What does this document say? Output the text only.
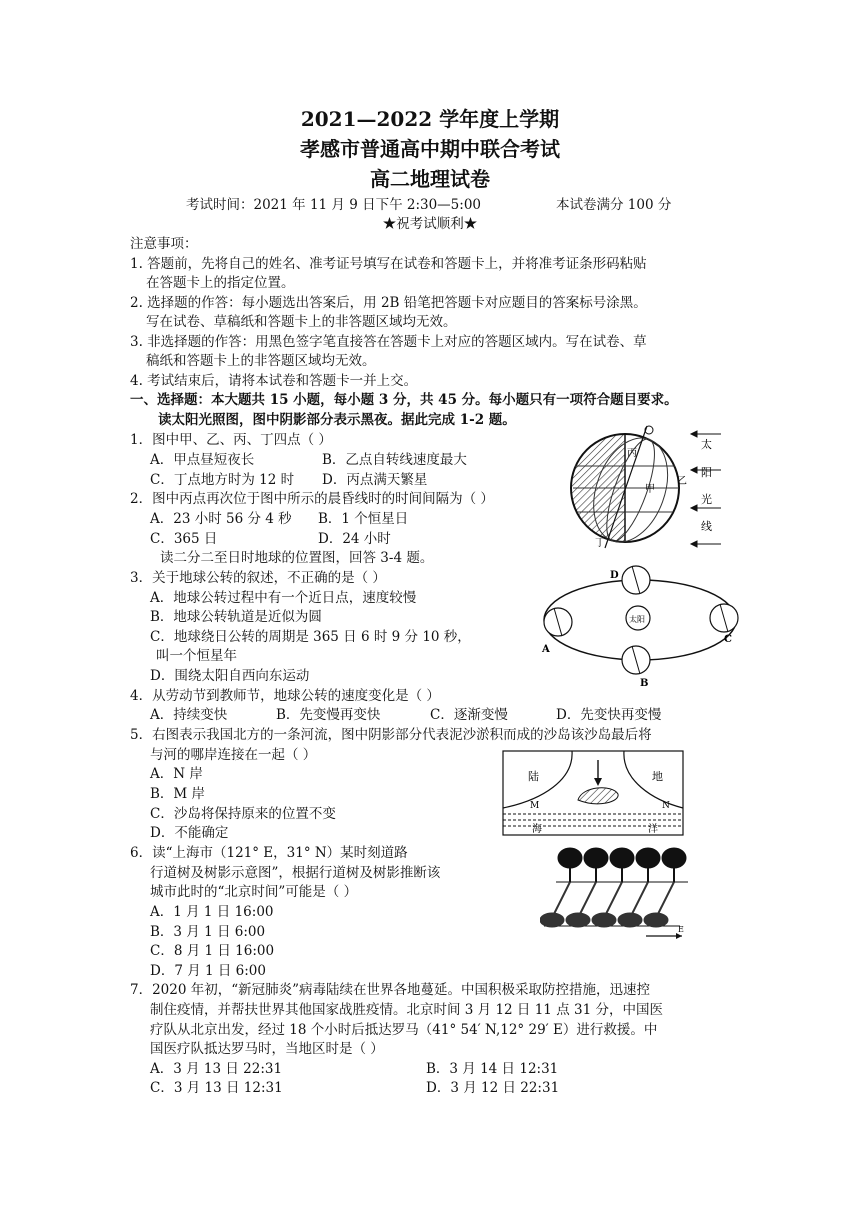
2021—2022 学年度上学期
孝感市普通高中期中联合考试
高二地理试卷
考试时间：2021 年 11 月 9 日下午 2:30—5:00	本试卷满分 100 分
★祝考试顺利★
注意事项：
1. 答题前，先将自己的姓名、准考证号填写在试卷和答题卡上，并将准考证条形码粘贴
在答题卡上的指定位置。
2. 选择题的作答：每小题选出答案后，用 2B 铅笔把答题卡对应题目的答案标号涂黑。
写在试卷、草稿纸和答题卡上的非答题区域均无效。
3. 非选择题的作答：用黑色签字笔直接答在答题卡上对应的答题区域内。写在试卷、草
稿纸和答题卡上的非答题区域均无效。
4. 考试结束后，请将本试卷和答题卡一并上交。
一、选择题：本大题共 15 小题，每小题 3 分，共 45 分。每小题只有一项符合题目要求。
读太阳光照图，图中阴影部分表示黑夜。据此完成 1-2 题。
1．图中甲、乙、丙、丁四点（ ）
A．甲点昼短夜长	B．乙点自转线速度最大
C．丁点地方时为 12 时 D．丙点满天繁星
2．图中丙点再次位于图中所示的晨昏线时的时间间隔为（ ）
A．23 小时 56 分 4 秒 B．1 个恒星日
C．365 日	D．24 小时
读二分二至日时地球的位置图，回答 3-4 题。
3．关于地球公转的叙述，不正确的是（ ）
A．地球公转过程中有一个近日点，速度较慢
B．地球公转轨道是近似为圆
C．地球绕日公转的周期是 365 日 6 时 9 分 10 秒，
叫一个恒星年
D．围绕太阳自西向东运动
4．从劳动节到教师节，地球公转的速度变化是（ ）
A．持续变快	B．先变慢再变快	C．逐渐变慢	D．先变快再变慢
5．右图表示我国北方的一条河流，图中阴影部分代表泥沙淤积而成的沙岛该沙岛最后将
与河的哪岸连接在一起（ ）
A．N 岸
B．M 岸
C．沙岛将保持原来的位置不变
D．不能确定
6．读“上海市（121° E，31° N）某时刻道路
行道树及树影示意图”，根据行道树及树影推断该
城市此时的“北京时间”可能是（ ）
A．1 月 1 日 16:00
B．3 月 1 日 6:00
C．8 月 1 日 16:00
D．7 月 1 日 6:00
7．2020 年初，“新冠肺炎”病毒陆续在世界各地蔓延。中国积极采取防控措施，迅速控
制住疫情，并帮扶世界其他国家战胜疫情。北京时间 3 月 12 日 11 点 31 分，中国医
疗队从北京出发，经过 18 个小时后抵达罗马（41° 54′ N,12° 29′ E）进行救援。中
国医疗队抵达罗马时，当地区时是（ ）
A．3 月 13 日 22:31	B．3 月 14 日 12:31
C．3 月 13 日 12:31	D．3 月 12 日 22:31
丙
甲
乙
丁
太
阳
光
线
太阳
D
A
C
B
陆	地
M	N
海	洋
E
